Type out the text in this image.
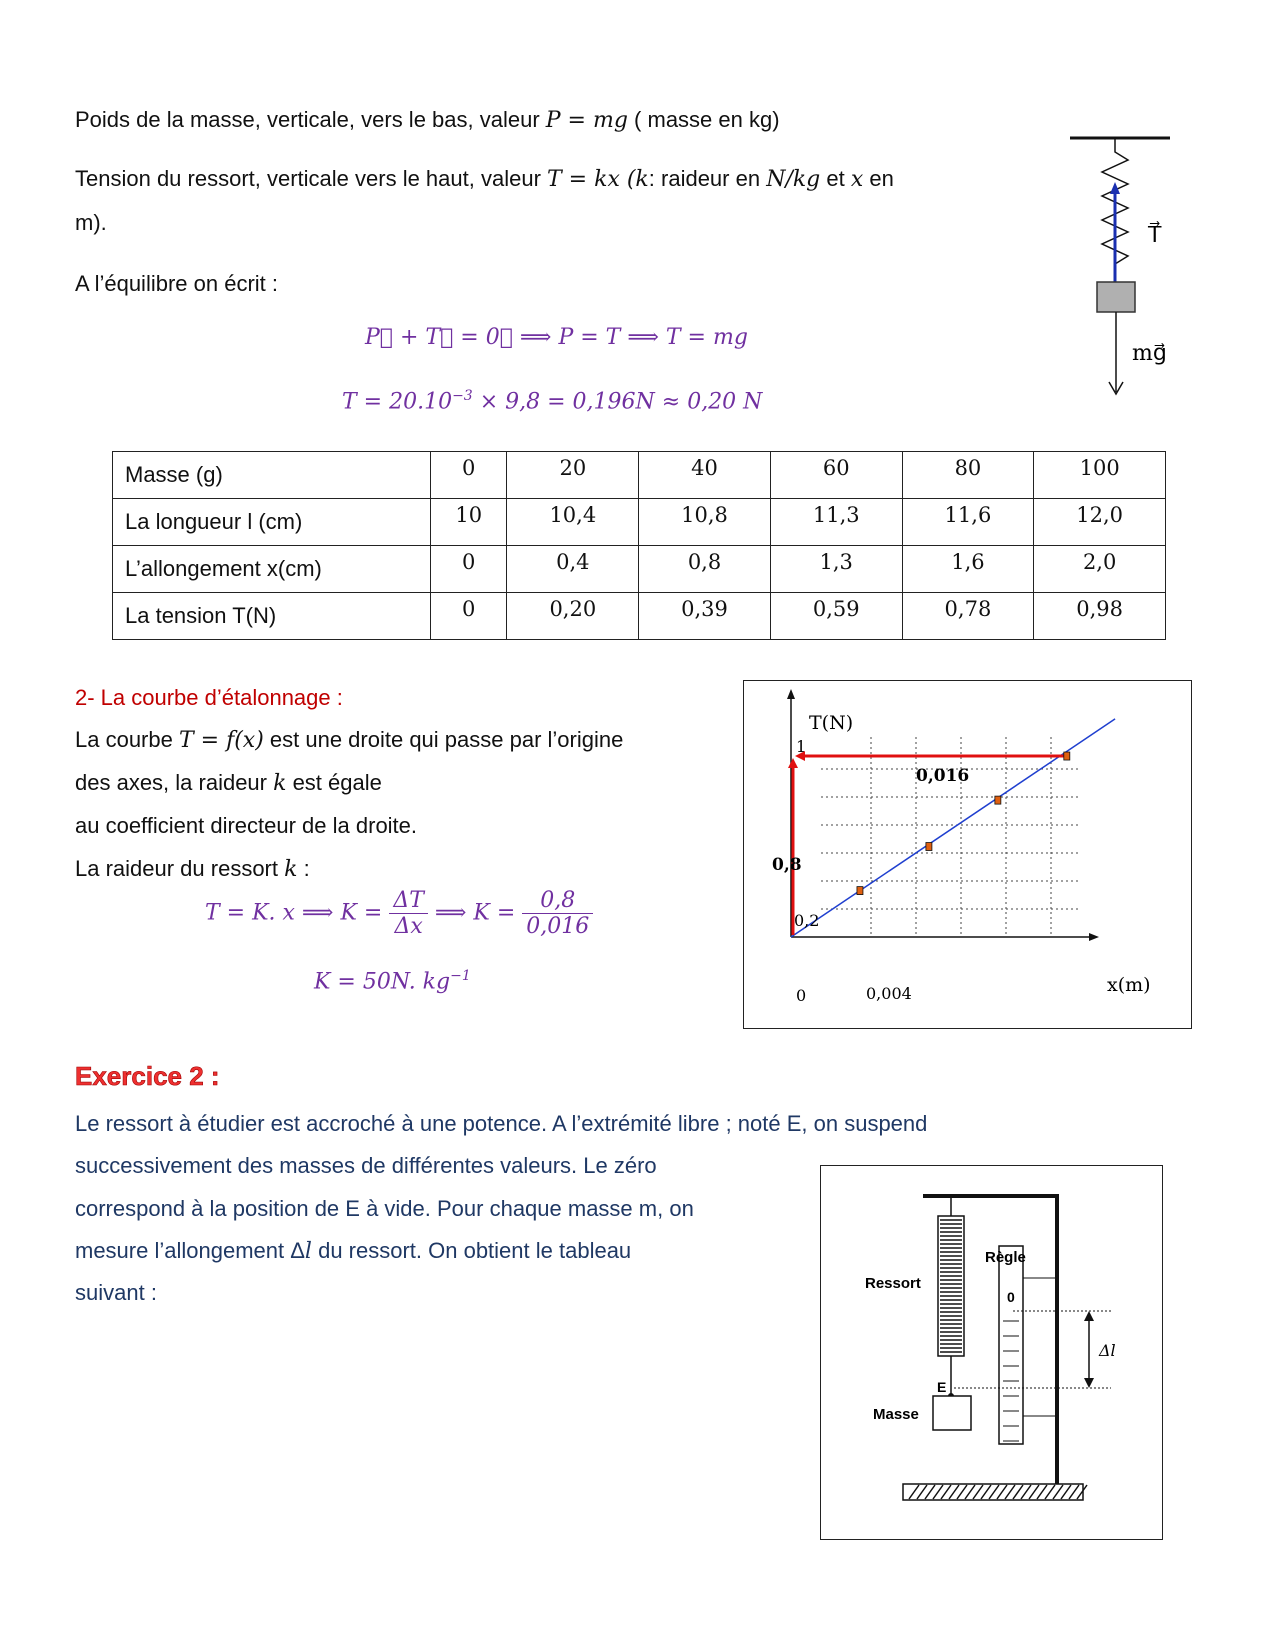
Poids de la masse, verticale, vers le bas, valeur P = mg ( masse en kg)
Tension du ressort, verticale vers le haut, valeur T = kx (k: raideur en N/kg et x en
m).
A l’équilibre on écrit :
P⃗ + T⃗ = 0⃗ ⟹ P = T ⟹ T = mg
$T = 20.10^{-3} \times 9,8 = 0,196N \approx 0,20$ N
T⃗
mg⃗
Masse (g)	0	20	40	60	80	100
La longueur l (cm)	10	10,4	10,8	11,3	11,6	12,0
L’allongement x(cm)	0	0,4	0,8	1,3	1,6	2,0
La tension T(N)	0	0,20	0,39	0,59	0,78	0,98
2- La courbe d’étalonnage :
La courbe T = f(x) est une droite qui passe par l’origine
des axes, la raideur k est égale
au coefficient directeur de la droite.
La raideur du ressort k :
T = K. x ⟹ $K = \frac{\Delta T}{\Delta x}$ ⟹ $K = \frac{0,8}{0,016}$
K = 50N. $kg^{-1}$
T(N)
x(m)
0	0,004
0,2
0,8
1
0,016
Exercice 2 :
Le ressort à étudier est accroché à une potence. A l’extrémité libre ; noté E, on suspend
successivement des masses de différentes valeurs. Le zéro
correspond à la position de E à vide. Pour chaque masse m, on
mesure l’allongement Δl du ressort. On obtient le tableau
suivant :
Règle
Ressort
0
E
Masse
Δl
